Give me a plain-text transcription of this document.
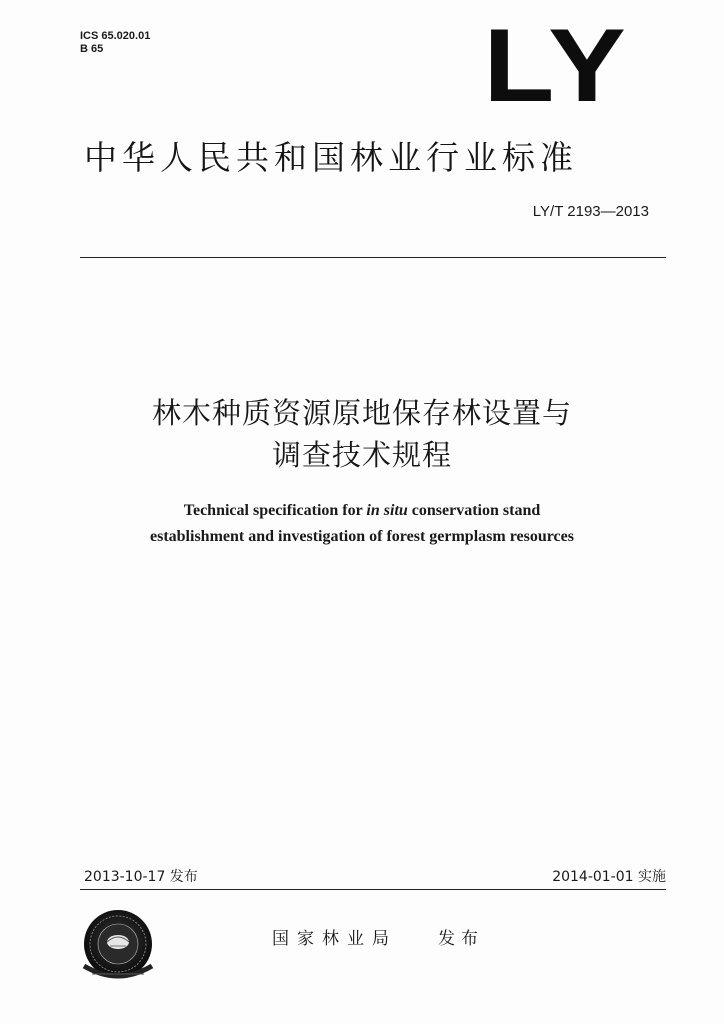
ICS 65.020.01
B 65	LY
中华人民共和国林业行业标准
LY/T 2193—2013
林木种质资源原地保存林设置与
调查技术规程
Technical specification for in situ conservation stand
establishment and investigation of forest germplasm resources
2013-10-17 发布	2014-01-01 实施
国家林业局 发布
